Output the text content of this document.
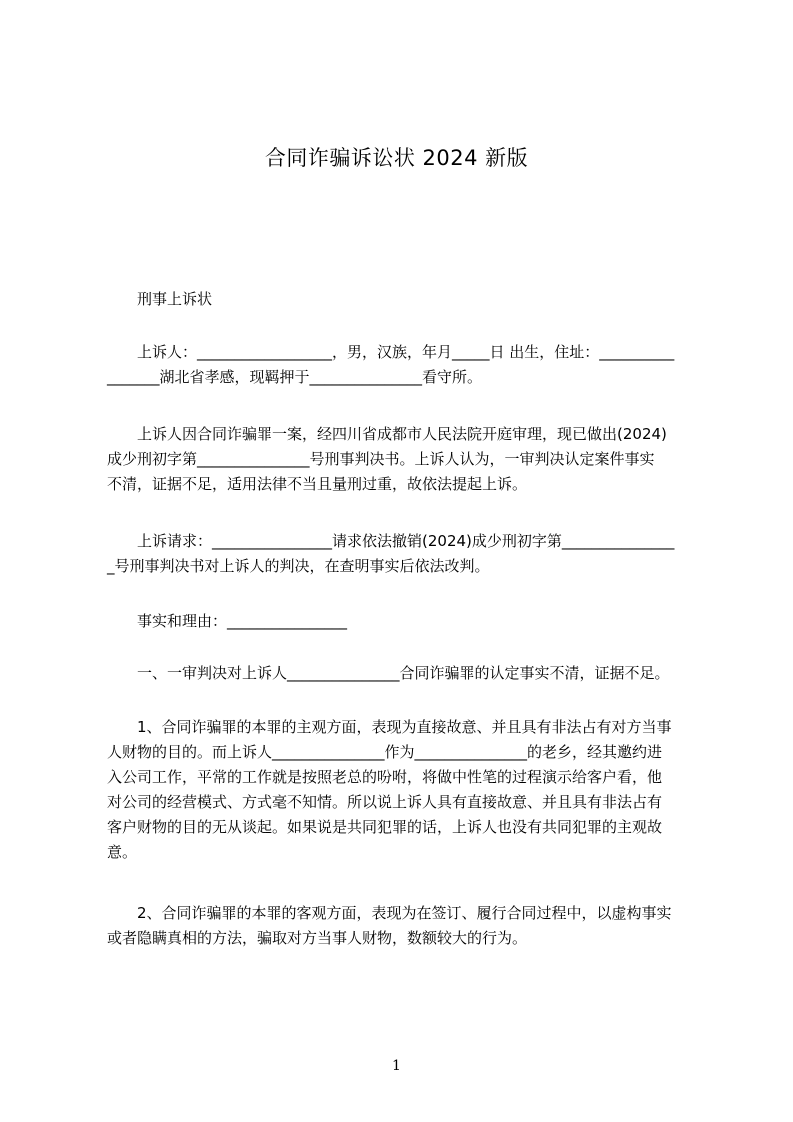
合同诈骗诉讼状 2024 新版
刑事上诉状
上诉人：__________________，男，汉族，年月_____日 出生，住址：__________
_______湖北省孝感，现羁押于_______________看守所。
上诉人因合同诈骗罪一案，经四川省成都市人民法院开庭审理，现已做出(2024)
成少刑初字第_______________号刑事判决书。上诉人认为，一审判决认定案件事实
不清，证据不足，适用法律不当且量刑过重，故依法提起上诉。
上诉请求：________________请求依法撤销(2024)成少刑初字第_______________
_号刑事判决书对上诉人的判决，在查明事实后依法改判。
事实和理由：________________
一、一审判决对上诉人_______________合同诈骗罪的认定事实不清，证据不足。
1、合同诈骗罪的本罪的主观方面，表现为直接故意、并且具有非法占有对方当事
人财物的目的。而上诉人_______________作为_______________的老乡，经其邀约进
入公司工作，平常的工作就是按照老总的吩咐，将做中性笔的过程演示给客户看，他
对公司的经营模式、方式毫不知情。所以说上诉人具有直接故意、并且具有非法占有
客户财物的目的无从谈起。如果说是共同犯罪的话，上诉人也没有共同犯罪的主观故
意。
2、合同诈骗罪的本罪的客观方面，表现为在签订、履行合同过程中，以虚构事实
或者隐瞒真相的方法，骗取对方当事人财物，数额较大的行为。
1
